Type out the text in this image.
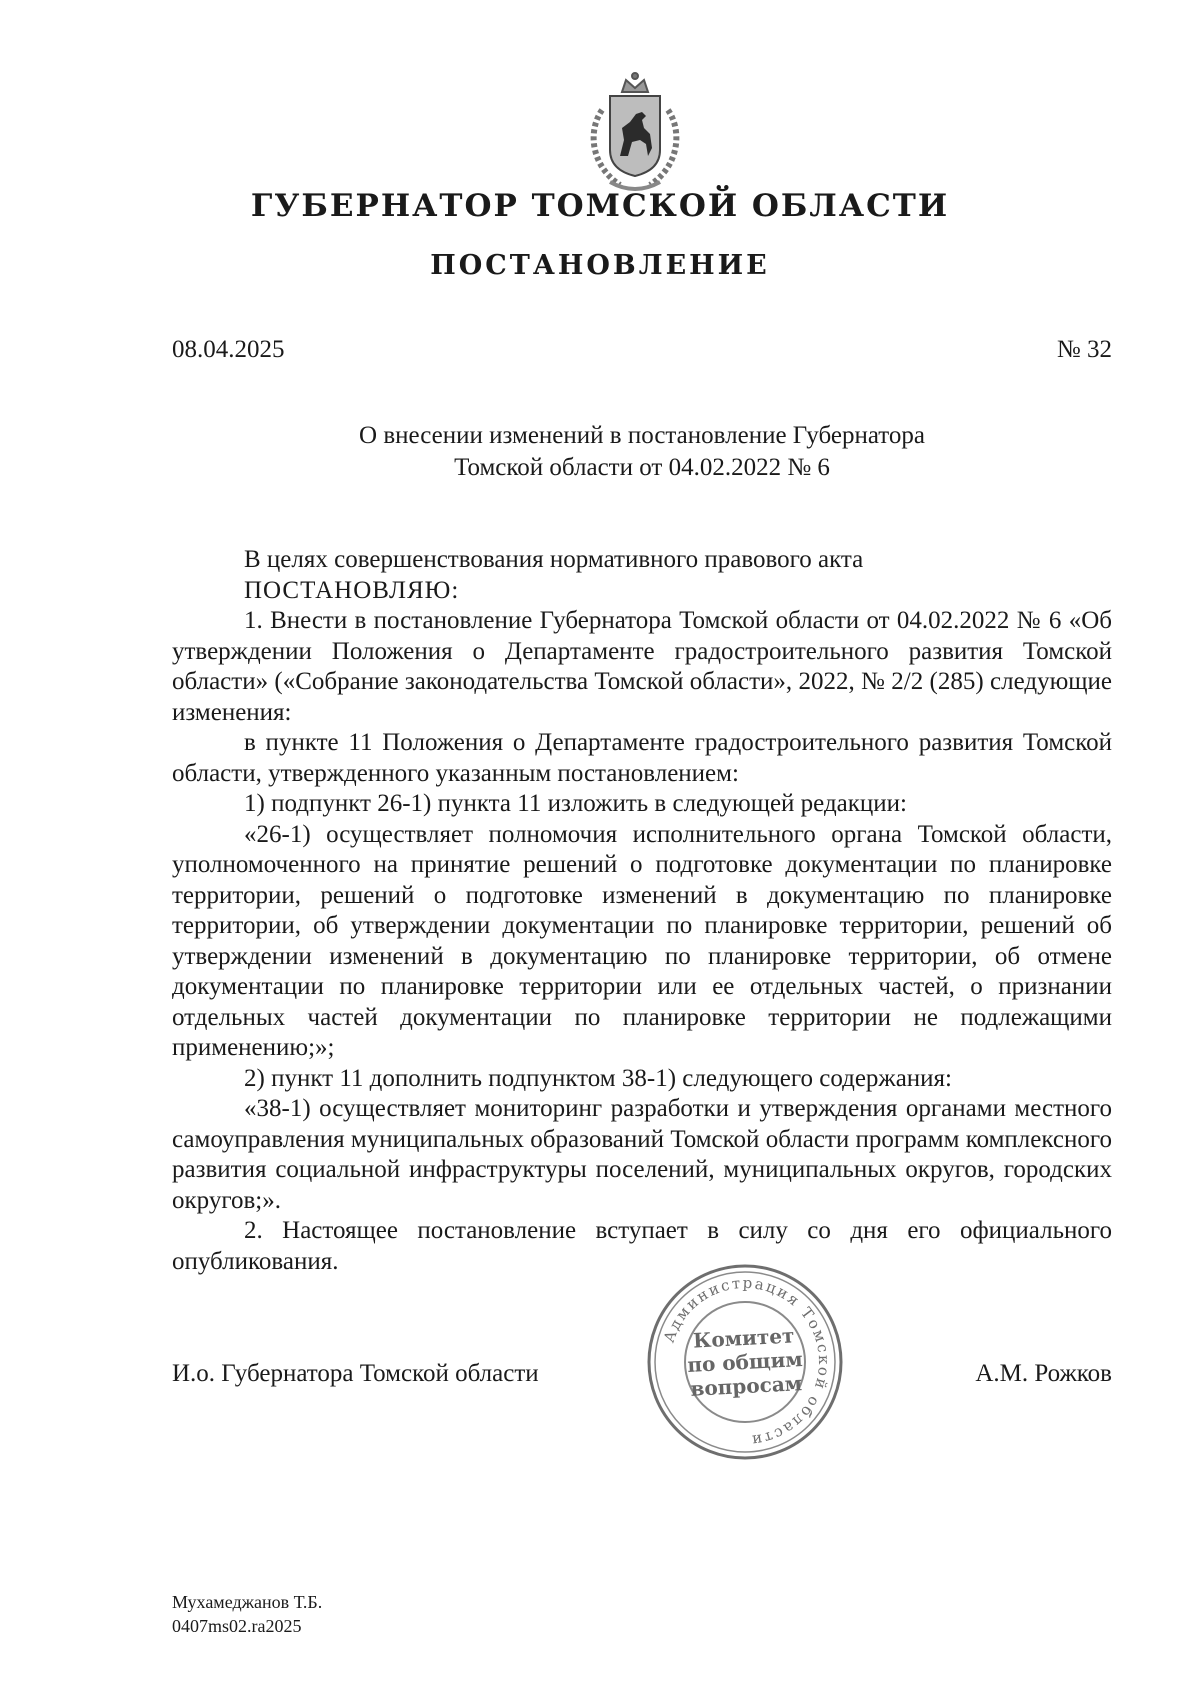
ГУБЕРНАТОР ТОМСКОЙ ОБЛАСТИ
ПОСТАНОВЛЕНИЕ
08.04.2025	№ 32
О внесении изменений в постановление Губернатора
Томской области от 04.02.2022 № 6

В целях совершенствования нормативного правового акта

ПОСТАНОВЛЯЮ:

1. Внести в постановление Губернатора Томской области от 04.02.2022 № 6 «Об утверждении Положения о Департаменте градостроительного развития Томской области» («Собрание законодательства Томской области», 2022, № 2/2 (285) следующие изменения:

в пункте 11 Положения о Департаменте градостроительного развития Томской области, утвержденного указанным постановлением:

1) подпункт 26-1) пункта 11 изложить в следующей редакции:

«26-1) осуществляет полномочия исполнительного органа Томской области, уполномоченного на принятие решений о подготовке документации по планировке территории, решений о подготовке изменений в документацию по планировке территории, об утверждении документации по планировке территории, решений об утверждении изменений в документацию по планировке территории, об отмене документации по планировке территории или ее отдельных частей, о признании отдельных частей документации по планировке территории не подлежащими применению;»;

2) пункт 11 дополнить подпунктом 38-1) следующего содержания:

«38-1) осуществляет мониторинг разработки и утверждения органами местного самоуправления муниципальных образований Томской области программ комплексного развития социальной инфраструктуры поселений, муниципальных округов, городских округов;».

2. Настоящее постановление вступает в силу со дня его официального опубликования.

И.о. Губернатора Томской области	А.М. Рожков
Администрация Томской области
Комитет
по общим
вопросам
Мухамеджанов Т.Б.
0407ms02.ra2025
